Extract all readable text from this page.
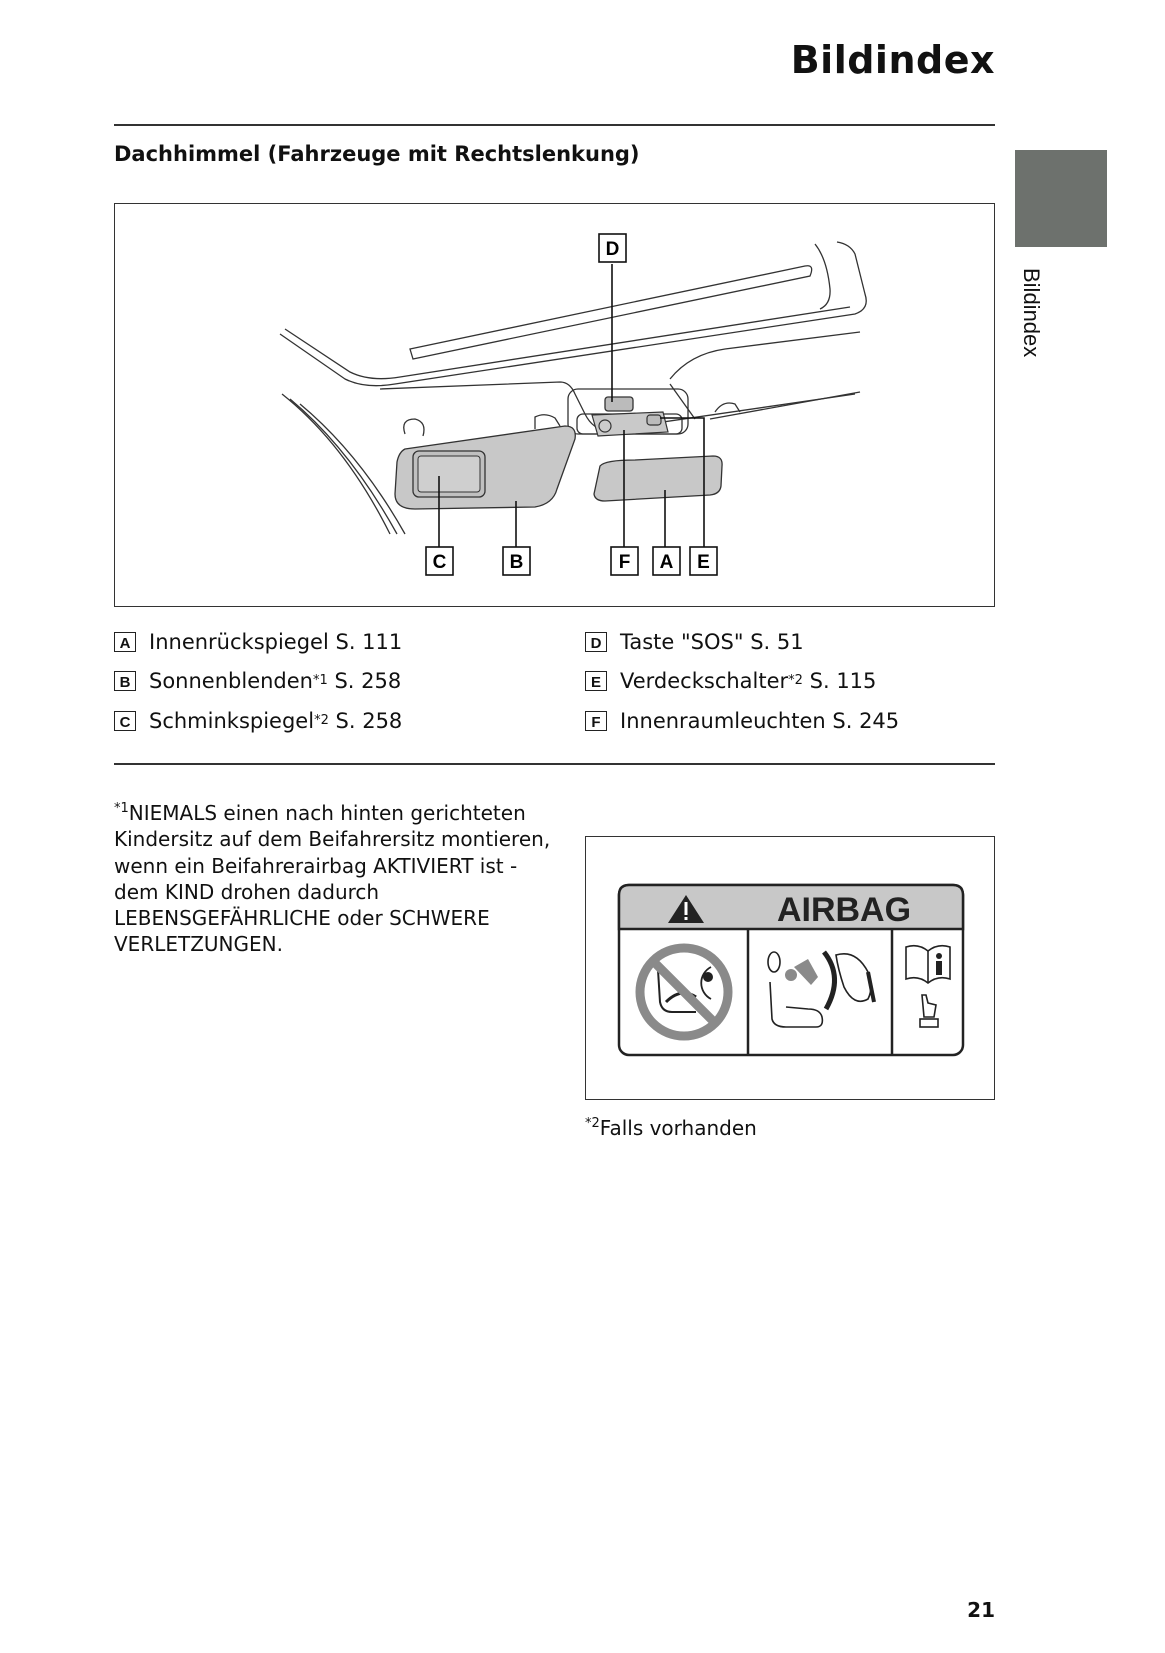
Bildindex
Bildindex
Dachhimmel (Fahrzeuge mit Rechtslenkung)
D
C	B	F A E
A Innenrückspiegel
S. 111
B Sonnenblenden *1
S. 258
C Schminkspiegel *2
S. 258
D Taste "SOS"
S. 51
E Verdeckschalter *2
S. 115
F Innenraumleuchten
S. 245
$^{*1}$NIEMALS einen nach hinten gerichteten Kindersitz auf dem Beifahrersitz montieren, wenn ein Beifahrerairbag AKTIVIERT ist - dem KIND drohen dadurch LEBENSGEFÄHRLICHE oder SCHWERE VERLETZUNGEN.
AIRBAG
$^{*2}$Falls vorhanden
21
